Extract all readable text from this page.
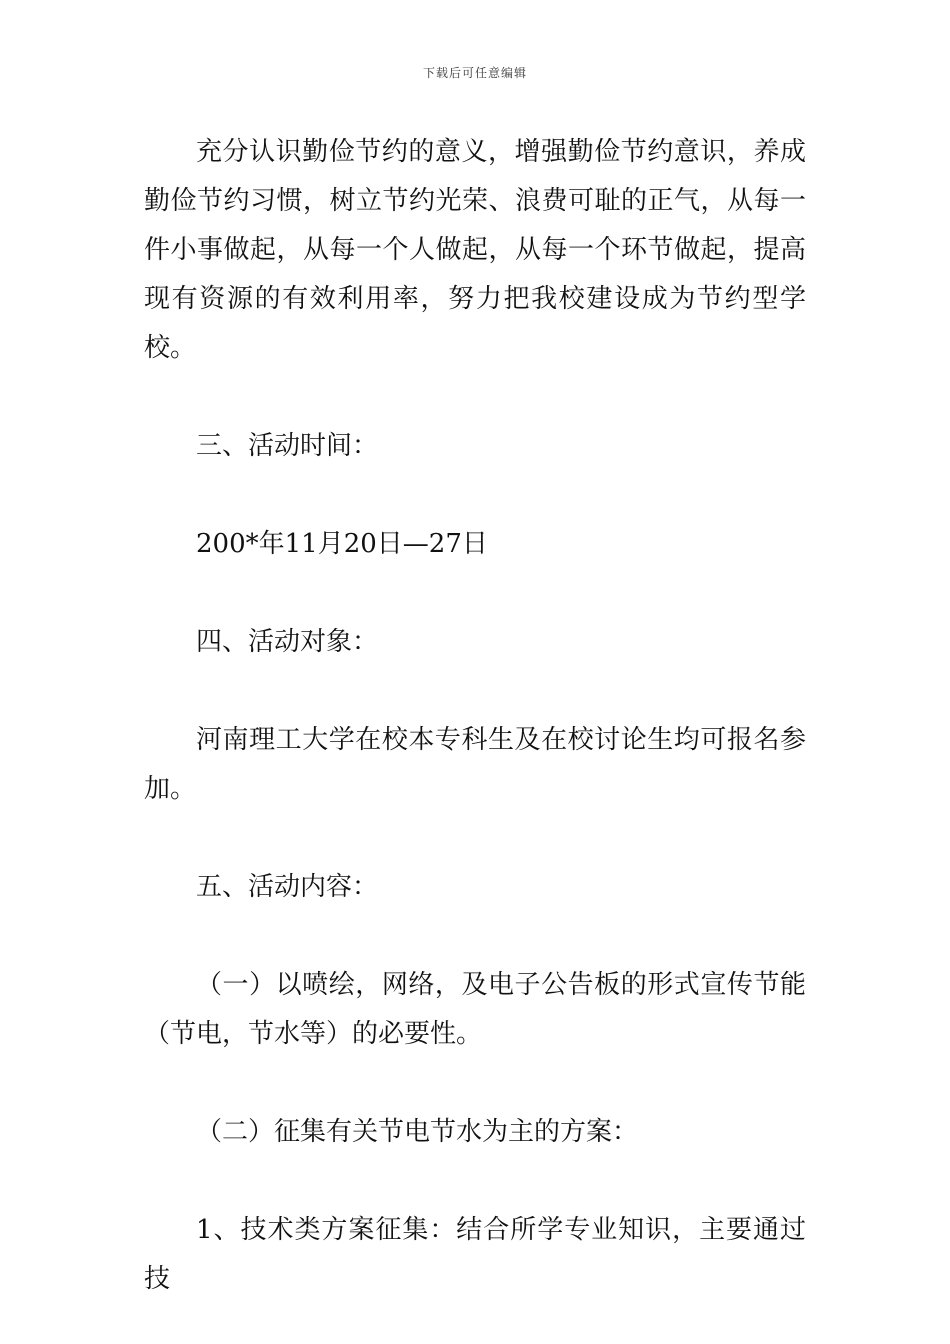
下载后可任意编辑

充分认识勤俭节约的意义，增强勤俭节约意识，养成勤俭节约习惯，树立节约光荣、浪费可耻的正气，从每一件小事做起，从每一个人做起，从每一个环节做起，提高现有资源的有效利用率，努力把我校建设成为节约型学校。

三、活动时间：

200*年11月20日—27日

四、活动对象：

河南理工大学在校本专科生及在校讨论生均可报名参加。

五、活动内容：

（一）以喷绘，网络，及电子公告板的形式宣传节能（节电，节水等）的必要性。

（二）征集有关节电节水为主的方案：

1、技术类方案征集：结合所学专业知识，主要通过技
